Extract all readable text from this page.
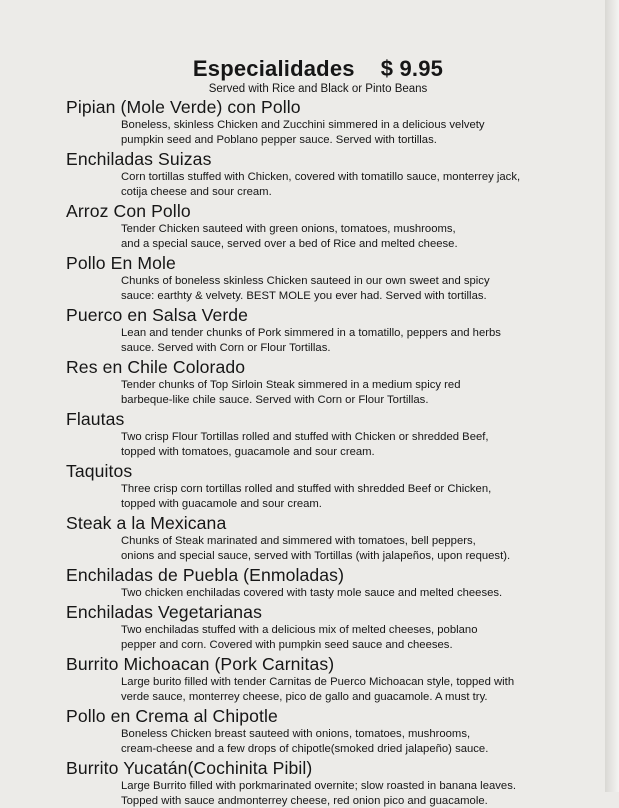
Especialidades $ 9.95
Served with Rice and Black or Pinto Beans
Pipian (Mole Verde) con Pollo
Boneless, skinless Chicken and Zucchini simmered in a delicious velvety
pumpkin seed and Poblano pepper sauce. Served with tortillas.
Enchiladas Suizas
Corn tortillas stuffed with Chicken, covered with tomatillo sauce, monterrey jack,
cotija cheese and sour cream.
Arroz Con Pollo
Tender Chicken sauteed with green onions, tomatoes, mushrooms,
and a special sauce, served over a bed of Rice and melted cheese.
Pollo En Mole
Chunks of boneless skinless Chicken sauteed in our own sweet and spicy
sauce: earthty & velvety. BEST MOLE you ever had. Served with tortillas.
Puerco en Salsa Verde
Lean and tender chunks of Pork simmered in a tomatillo, peppers and herbs
sauce. Served with Corn or Flour Tortillas.
Res en Chile Colorado
Tender chunks of Top Sirloin Steak simmered in a medium spicy red
barbeque-like chile sauce. Served with Corn or Flour Tortillas.
Flautas
Two crisp Flour Tortillas rolled and stuffed with Chicken or shredded Beef,
topped with tomatoes, guacamole and sour cream.
Taquitos
Three crisp corn tortillas rolled and stuffed with shredded Beef or Chicken,
topped with guacamole and sour cream.
Steak a la Mexicana
Chunks of Steak marinated and simmered with tomatoes, bell peppers,
onions and special sauce, served with Tortillas (with jalapeños, upon request).
Enchiladas de Puebla (Enmoladas)
Two chicken enchiladas covered with tasty mole sauce and melted cheeses.
Enchiladas Vegetarianas
Two enchiladas stuffed with a delicious mix of melted cheeses, poblano
pepper and corn. Covered with pumpkin seed sauce and cheeses.
Burrito Michoacan (Pork Carnitas)
Large burito filled with tender Carnitas de Puerco Michoacan style, topped with
verde sauce, monterrey cheese, pico de gallo and guacamole. A must try.
Pollo en Crema al Chipotle
Boneless Chicken breast sauteed with onions, tomatoes, mushrooms,
cream-cheese and a few drops of chipotle(smoked dried jalapeño) sauce.
Burrito Yucatán(Cochinita Pibil)
Large Burrito filled with porkmarinated overnite; slow roasted in banana leaves.
Topped with sauce andmonterrey cheese, red onion pico and guacamole.
